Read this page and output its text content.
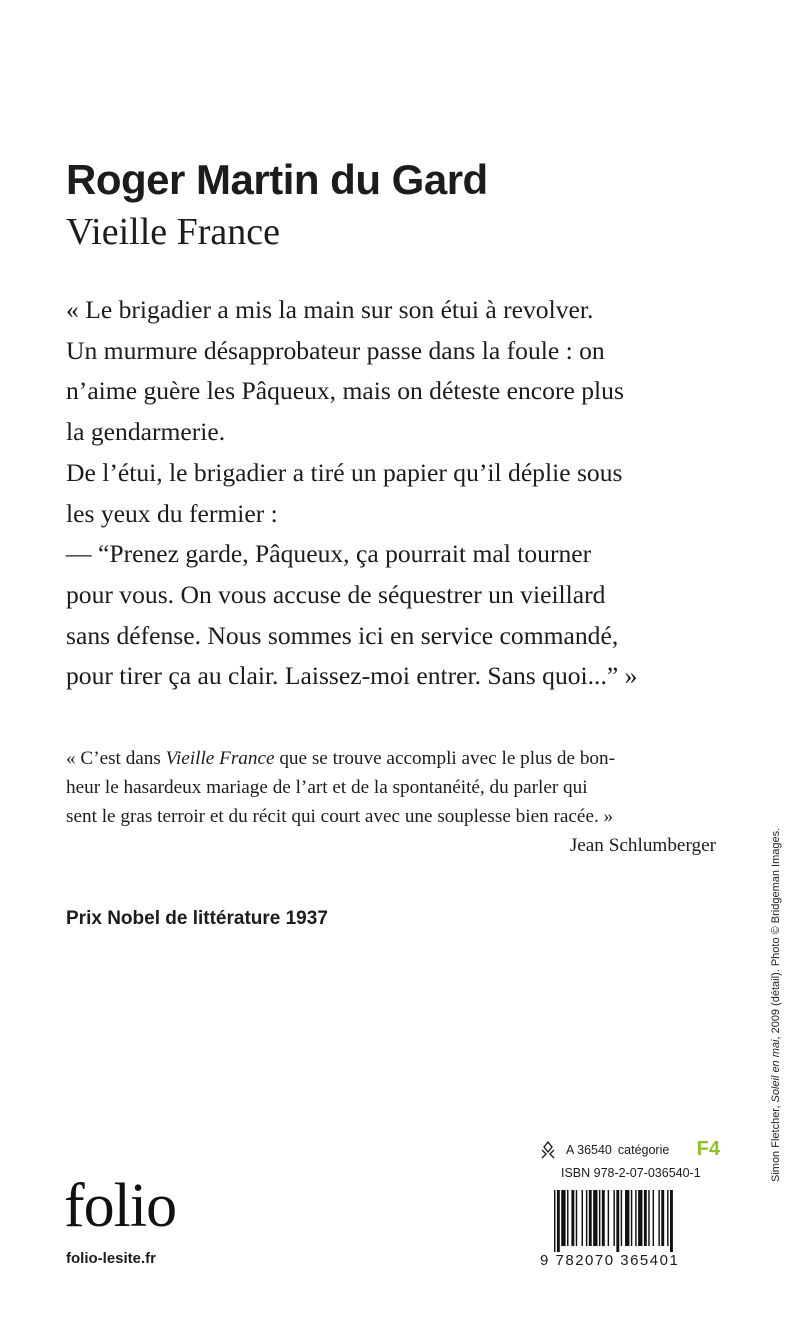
Roger Martin du Gard
Vieille France
« Le brigadier a mis la main sur son étui à revolver.
Un murmure désapprobateur passe dans la foule : on
n’aime guère les Pâqueux, mais on déteste encore plus
la gendarmerie.
De l’étui, le brigadier a tiré un papier qu’il déplie sous
les yeux du fermier :
— “Prenez garde, Pâqueux, ça pourrait mal tourner
pour vous. On vous accuse de séquestrer un vieillard
sans défense. Nous sommes ici en service commandé,
pour tirer ça au clair. Laissez-moi entrer. Sans quoi...” »
« C’est dans Vieille France que se trouve accompli avec le plus de bon-
heur le hasardeux mariage de l’art et de la spontanéité, du parler qui
sent le gras terroir et du récit qui court avec une souplesse bien racée. »
Jean Schlumberger
Prix Nobel de littérature 1937
Simon Fletcher, Soleil en mai, 2009 (détail). Photo © Bridgeman Images.
folio
folio-lesite.fr
A 36540 catégorie F4
ISBN 978-2-07-036540-1
9 782070 365401
